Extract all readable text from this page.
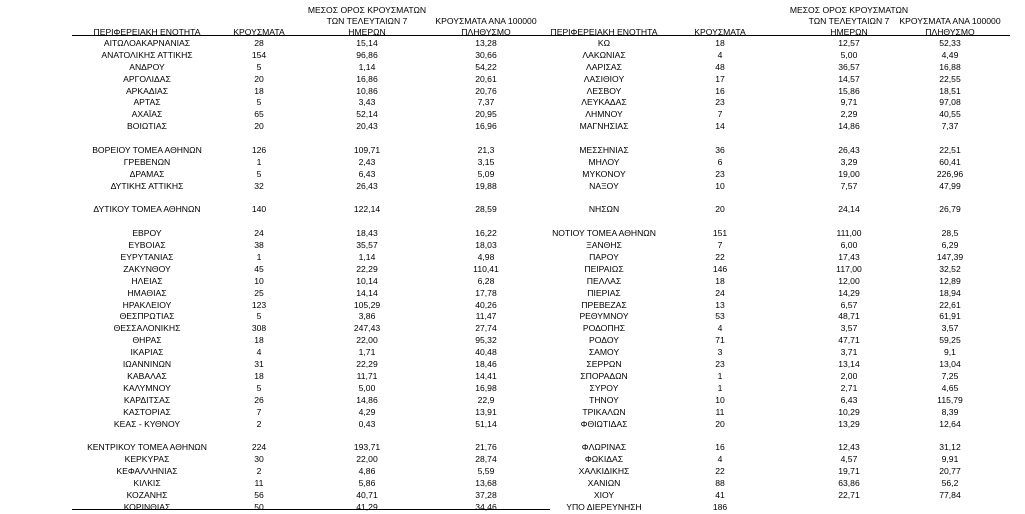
ΠΕΡΙΦΕΡΕΙΑΚΗ ΕΝΟΤΗΤΑ	ΚΡΟΥΣΜΑΤΑ
ΜΕΣΟΣ ΟΡΟΣ ΚΡΟΥΣΜΑΤΩΝ
ΤΩΝ ΤΕΛΕΥΤΑΙΩΝ 7
ΗΜΕΡΩΝ
ΚΡΟΥΣΜΑΤΑ ΑΝΑ 100000
ΠΛΗΘΥΣΜΟ
ΑΙΤΩΛΟΑΚΑΡΝΑΝΙΑΣ	28	15,14	13,28
ΑΝΑΤΟΛΙΚΗΣ ΑΤΤΙΚΗΣ	154	96,86	30,66
ΑΝΔΡΟΥ	5	1,14	54,22
ΑΡΓΟΛΙΔΑΣ	20	16,86	20,61
ΑΡΚΑΔΙΑΣ	18	10,86	20,76
ΑΡΤΑΣ	5	3,43	7,37
ΑΧΑΪΑΣ	65	52,14	20,95
ΒΟΙΩΤΙΑΣ	20	20,43	16,96
ΒΟΡΕΙΟΥ ΤΟΜΕΑ ΑΘΗΝΩΝ	126	109,71	21,3
ΓΡΕΒΕΝΩΝ	1	2,43	3,15
ΔΡΑΜΑΣ	5	6,43	5,09
ΔΥΤΙΚΗΣ ΑΤΤΙΚΗΣ	32	26,43	19,88
ΔΥΤΙΚΟΥ ΤΟΜΕΑ ΑΘΗΝΩΝ	140	122,14	28,59
ΕΒΡΟΥ	24	18,43	16,22
ΕΥΒΟΙΑΣ	38	35,57	18,03
ΕΥΡΥΤΑΝΙΑΣ	1	1,14	4,98
ΖΑΚΥΝΘΟΥ	45	22,29	110,41
ΗΛΕΙΑΣ	10	10,14	6,28
ΗΜΑΘΙΑΣ	25	14,14	17,78
ΗΡΑΚΛΕΙΟΥ	123	105,29	40,26
ΘΕΣΠΡΩΤΙΑΣ	5	3,86	11,47
ΘΕΣΣΑΛΟΝΙΚΗΣ	308	247,43	27,74
ΘΗΡΑΣ	18	22,00	95,32
ΙΚΑΡΙΑΣ	4	1,71	40,48
ΙΩΑΝΝΙΝΩΝ	31	22,29	18,46
ΚΑΒΑΛΑΣ	18	11,71	14,41
ΚΑΛΥΜΝΟΥ	5	5,00	16,98
ΚΑΡΔΙΤΣΑΣ	26	14,86	22,9
ΚΑΣΤΟΡΙΑΣ	7	4,29	13,91
ΚΕΑΣ - ΚΥΘΝΟΥ	2	0,43	51,14
ΚΕΝΤΡΙΚΟΥ ΤΟΜΕΑ ΑΘΗΝΩΝ	224	193,71	21,76
ΚΕΡΚΥΡΑΣ	30	22,00	28,74
ΚΕΦΑΛΛΗΝΙΑΣ	2	4,86	5,59
ΚΙΛΚΙΣ	11	5,86	13,68
ΚΟΖΑΝΗΣ	56	40,71	37,28
ΚΟΡΙΝΘΙΑΣ	50	41,29	34,46
ΠΕΡΙΦΕΡΕΙΑΚΗ ΕΝΟΤΗΤΑ	ΚΡΟΥΣΜΑΤΑ
ΜΕΣΟΣ ΟΡΟΣ ΚΡΟΥΣΜΑΤΩΝ
ΤΩΝ ΤΕΛΕΥΤΑΙΩΝ 7
ΗΜΕΡΩΝ
ΚΡΟΥΣΜΑΤΑ ΑΝΑ 100000
ΠΛΗΘΥΣΜΟ
ΚΩ	18	12,57	52,33
ΛΑΚΩΝΙΑΣ	4	5,00	4,49
ΛΑΡΙΣΑΣ	48	36,57	16,88
ΛΑΣΙΘΙΟΥ	17	14,57	22,55
ΛΕΣΒΟΥ	16	15,86	18,51
ΛΕΥΚΑΔΑΣ	23	9,71	97,08
ΛΗΜΝΟΥ	7	2,29	40,55
ΜΑΓΝΗΣΙΑΣ	14	14,86	7,37
ΜΕΣΣΗΝΙΑΣ	36	26,43	22,51
ΜΗΛΟΥ	6	3,29	60,41
ΜΥΚΟΝΟΥ	23	19,00	226,96
ΝΑΞΟΥ	10	7,57	47,99
ΝΗΣΩΝ	20	24,14	26,79
ΝΟΤΙΟΥ ΤΟΜΕΑ ΑΘΗΝΩΝ	151	111,00	28,5
ΞΑΝΘΗΣ	7	6,00	6,29
ΠΑΡΟΥ	22	17,43	147,39
ΠΕΙΡΑΙΩΣ	146	117,00	32,52
ΠΕΛΛΑΣ	18	12,00	12,89
ΠΙΕΡΙΑΣ	24	14,29	18,94
ΠΡΕΒΕΖΑΣ	13	6,57	22,61
ΡΕΘΥΜΝΟΥ	53	48,71	61,91
ΡΟΔΟΠΗΣ	4	3,57	3,57
ΡΟΔΟΥ	71	47,71	59,25
ΣΑΜΟΥ	3	3,71	9,1
ΣΕΡΡΩΝ	23	13,14	13,04
ΣΠΟΡΑΔΩΝ	1	2,00	7,25
ΣΥΡΟΥ	1	2,71	4,65
ΤΗΝΟΥ	10	6,43	115,79
ΤΡΙΚΑΛΩΝ	11	10,29	8,39
ΦΘΙΩΤΙΔΑΣ	20	13,29	12,64
ΦΛΩΡΙΝΑΣ	16	12,43	31,12
ΦΩΚΙΔΑΣ	4	4,57	9,91
ΧΑΛΚΙΔΙΚΗΣ	22	19,71	20,77
ΧΑΝΙΩΝ	88	63,86	56,2
ΧΙΟΥ	41	22,71	77,84
ΥΠΟ ΔΙΕΡΕΥΝΗΣΗ	186
